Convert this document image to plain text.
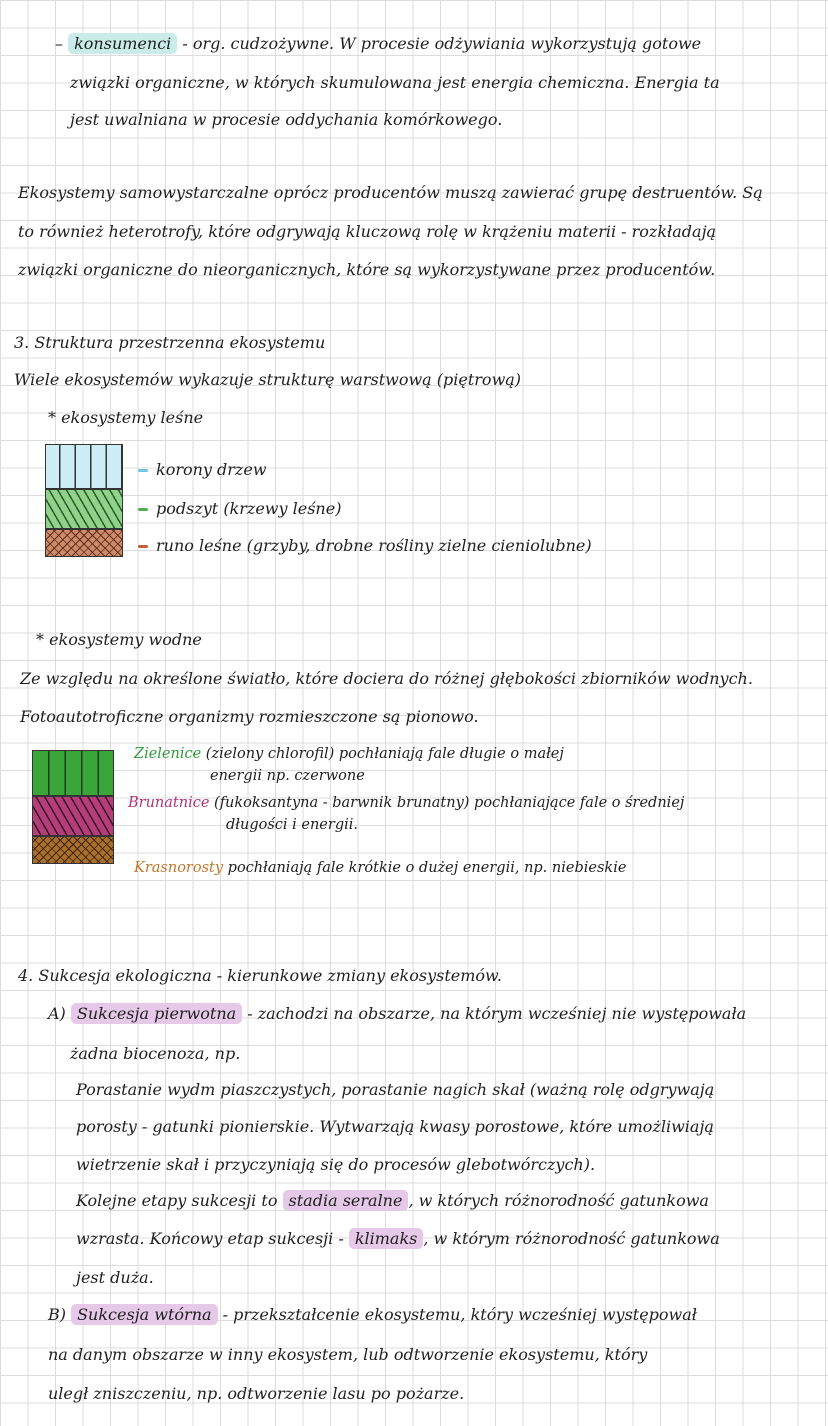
– konsumenci - org. cudzożywne. W procesie odżywiania wykorzystują gotowe
związki organiczne, w których skumulowana jest energia chemiczna. Energia ta
jest uwalniana w procesie oddychania komórkowego.
Ekosystemy samowystarczalne oprócz producentów muszą zawierać grupę destruentów. Są
to również heterotrofy, które odgrywają kluczową rolę w krążeniu materii - rozkładają
związki organiczne do nieorganicznych, które są wykorzystywane przez producentów.
3. Struktura przestrzenna ekosystemu
Wiele ekosystemów wykazuje strukturę warstwową (piętrową)
* ekosystemy leśne
korony drzew
podszyt (krzewy leśne)
runo leśne (grzyby, drobne rośliny zielne cieniolubne)
* ekosystemy wodne
Ze względu na określone światło, które dociera do różnej głębokości zbiorników wodnych.
Fotoautotroficzne organizmy rozmieszczone są pionowo.
Zielenice (zielony chlorofil) pochłaniają fale długie o małej
energii np. czerwone
Brunatnice (fukoksantyna - barwnik brunatny) pochłaniające fale o średniej
długości i energii.
Krasnorosty pochłaniają fale krótkie o dużej energii, np. niebieskie
4. Sukcesja ekologiczna - kierunkowe zmiany ekosystemów.
A) Sukcesja pierwotna - zachodzi na obszarze, na którym wcześniej nie występowała
żadna biocenoza, np.
Porastanie wydm piaszczystych, porastanie nagich skał (ważną rolę odgrywają
porosty - gatunki pionierskie. Wytwarzają kwasy porostowe, które umożliwiają
wietrzenie skał i przyczyniają się do procesów glebotwórczych).
Kolejne etapy sukcesji to stadia seralne , w których różnorodność gatunkowa
wzrasta. Końcowy etap sukcesji - klimaks , w którym różnorodność gatunkowa
jest duża.
B) Sukcesja wtórna - przekształcenie ekosystemu, który wcześniej występował
na danym obszarze w inny ekosystem, lub odtworzenie ekosystemu, który
uległ zniszczeniu, np. odtworzenie lasu po pożarze.
